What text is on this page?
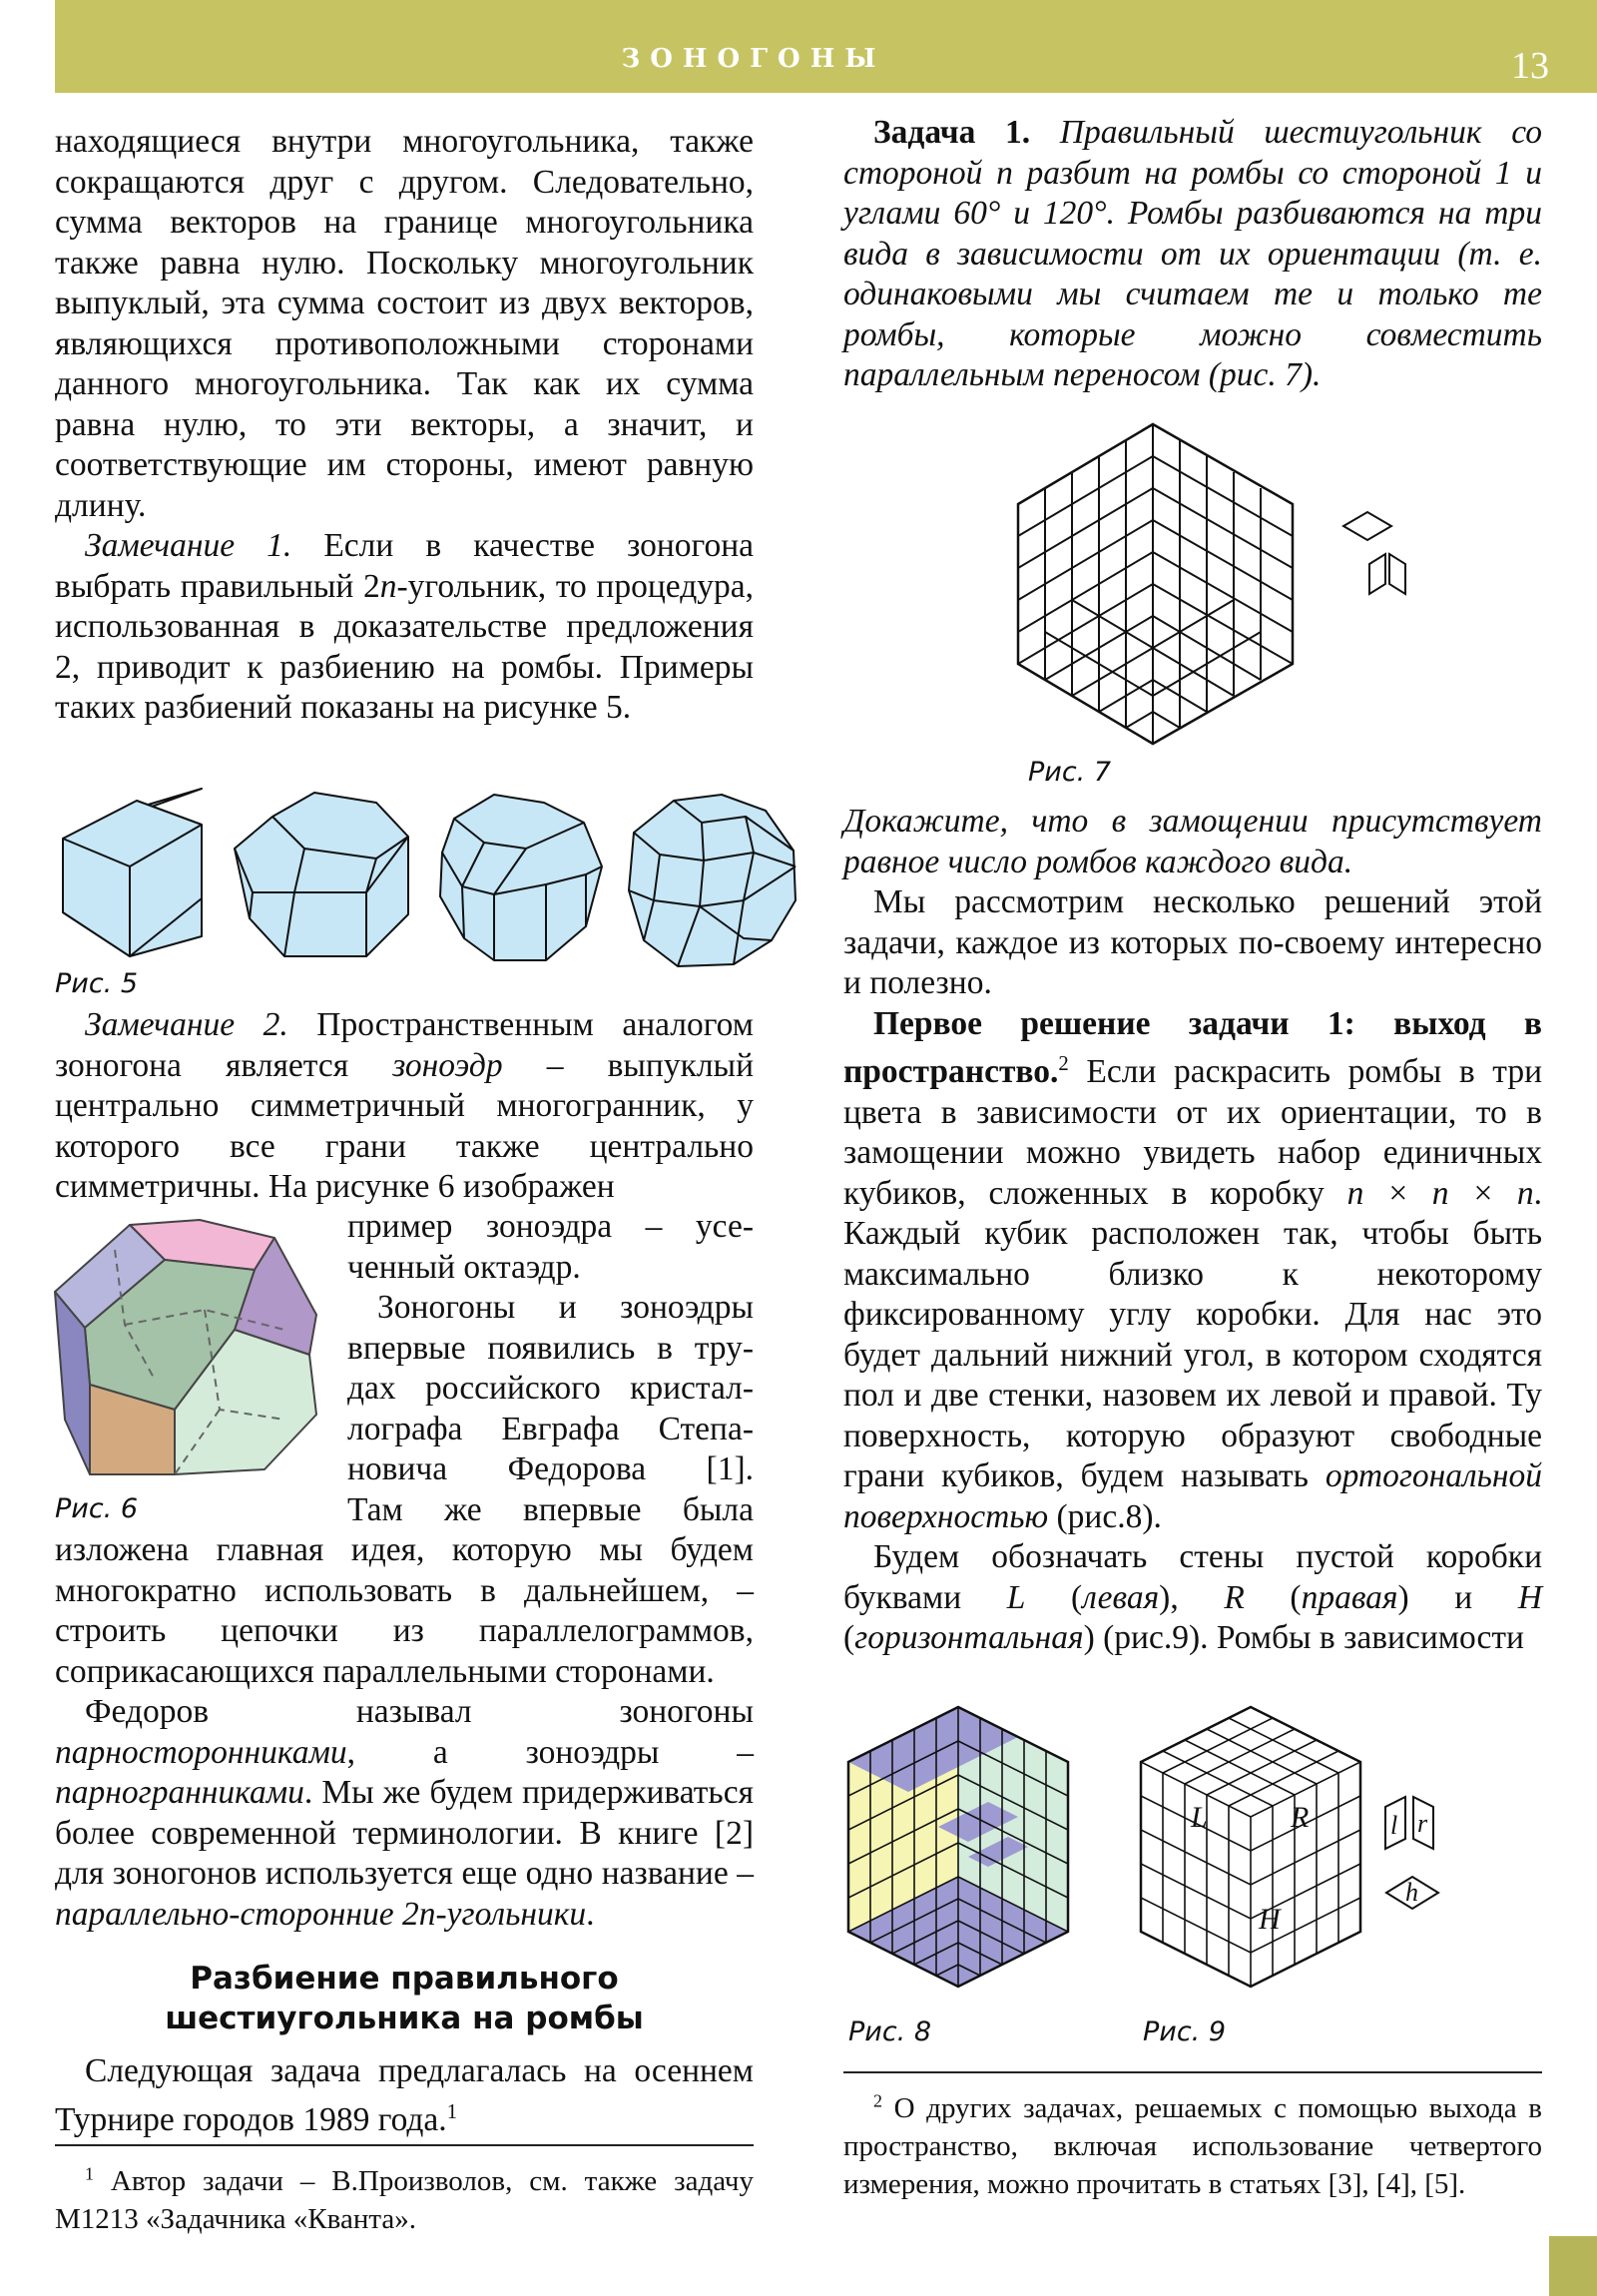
ЗОНОГОНЫ	13

находящиеся внутри многоугольника, также сокращаются друг с другом. Следовательно, сумма векторов на границе многоугольника также равна нулю. Поскольку многоугольник выпуклый, эта сумма состоит из двух векторов, являющихся противоположными сторонами данного многоугольника. Так как их сумма равна нулю, то эти векторы, а значит, и соответствующие им стороны, имеют равную длину.

Замечание 1. Если в качестве зоногона выбрать правильный 2n-угольник, то процедура, использованная в доказательстве предложения 2, приводит к разбиению на ромбы. Примеры таких разбиений показаны на рисунке 5.

Рис. 5

Замечание 2. Пространственным аналогом зоногона является зоноэдр – выпуклый центрально симметричный многогранник, у которого все грани также центрально симметричны. На рисунке 6 изображен

Рис. 6

пример зоноэдра – усе-

ченный октаэдр.

Зоногоны и зоноэдры

впервые появились в тру-

дах российского кристал-

лографа Евграфа Степа-

новича Федорова [1].

Там же впервые была

изложена главная идея, которую мы будем многократно использовать в дальнейшем, – строить цепочки из параллелограммов, соприкасающихся параллельными сторонами.

Федоров называл зоногоны парносторонниками, а зоноэдры – парногранниками. Мы же будем придерживаться более современной терминологии. В книге [2] для зоногонов используется еще одно название – параллельно-сторонние 2n-угольники.

Разбиение правильного
шестиугольника на ромбы

Следующая задача предлагалась на осеннем Турнире городов 1989 года.$^1$

$^1$ Автор задачи – В.Произволов, см. также задачу М1213 «Задачника «Кванта».

Задача 1. Правильный шестиугольник со стороной n разбит на ромбы со стороной 1 и углами 60° и 120°. Ромбы разбиваются на три вида в зависимости от их ориентации (т. е. одинаковыми мы считаем те и только те ромбы, которые можно совместить параллельным переносом (рис. 7).

Рис. 7

Докажите, что в замощении присутствует равное число ромбов каждого вида.

Мы рассмотрим несколько решений этой задачи, каждое из которых по-своему интересно и полезно.

Первое решение задачи 1: выход в пространство.$^2$ Если раскрасить ромбы в три цвета в зависимости от их ориентации, то в замощении можно увидеть набор единичных кубиков, сложенных в коробку n × n × n. Каждый кубик расположен так, чтобы быть максимально близко к некоторому фиксированному углу коробки. Для нас это будет дальний нижний угол, в котором сходятся пол и две стенки, назовем их левой и правой. Ту поверхность, которую образуют свободные грани кубиков, будем называть ортогональной поверхностью (рис.8).

Будем обозначать стены пустой коробки буквами L (левая), R (правая) и H (горизонтальная) (рис.9). Ромбы в зависимости

Рис. 8
L	R
H
l r
h
Рис. 9
$^2$ О других задачах, решаемых с помощью выхода в пространство, включая использование четвертого измерения, можно прочитать в статьях [3], [4], [5].
